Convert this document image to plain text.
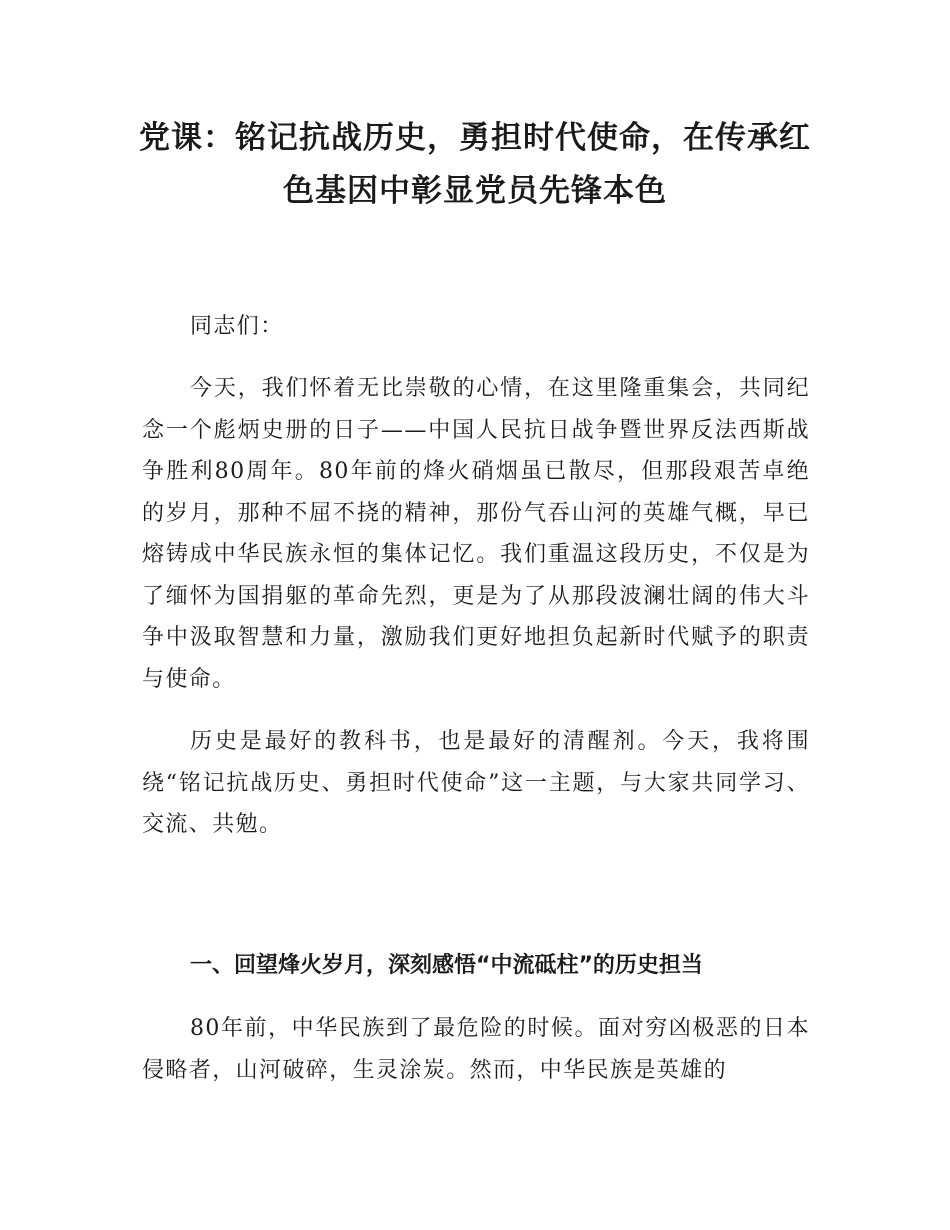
党课：铭记抗战历史，勇担时代使命，在传承红色基因中彰显党员先锋本色

同志们：

今天，我们怀着无比崇敬的心情，在这里隆重集会，共同纪念一个彪炳史册的日子——中国人民抗日战争暨世界反法西斯战争胜利80周年。80年前的烽火硝烟虽已散尽，但那段艰苦卓绝的岁月，那种不屈不挠的精神，那份气吞山河的英雄气概，早已熔铸成中华民族永恒的集体记忆。我们重温这段历史，不仅是为了缅怀为国捐躯的革命先烈，更是为了从那段波澜壮阔的伟大斗争中汲取智慧和力量，激励我们更好地担负起新时代赋予的职责与使命。

历史是最好的教科书，也是最好的清醒剂。今天，我将围绕“铭记抗战历史、勇担时代使命”这一主题，与大家共同学习、交流、共勉。

一、回望烽火岁月，深刻感悟“中流砥柱”的历史担当

80年前，中华民族到了最危险的时候。面对穷凶极恶的日本侵略者，山河破碎，生灵涂炭。然而，中华民族是英雄的
